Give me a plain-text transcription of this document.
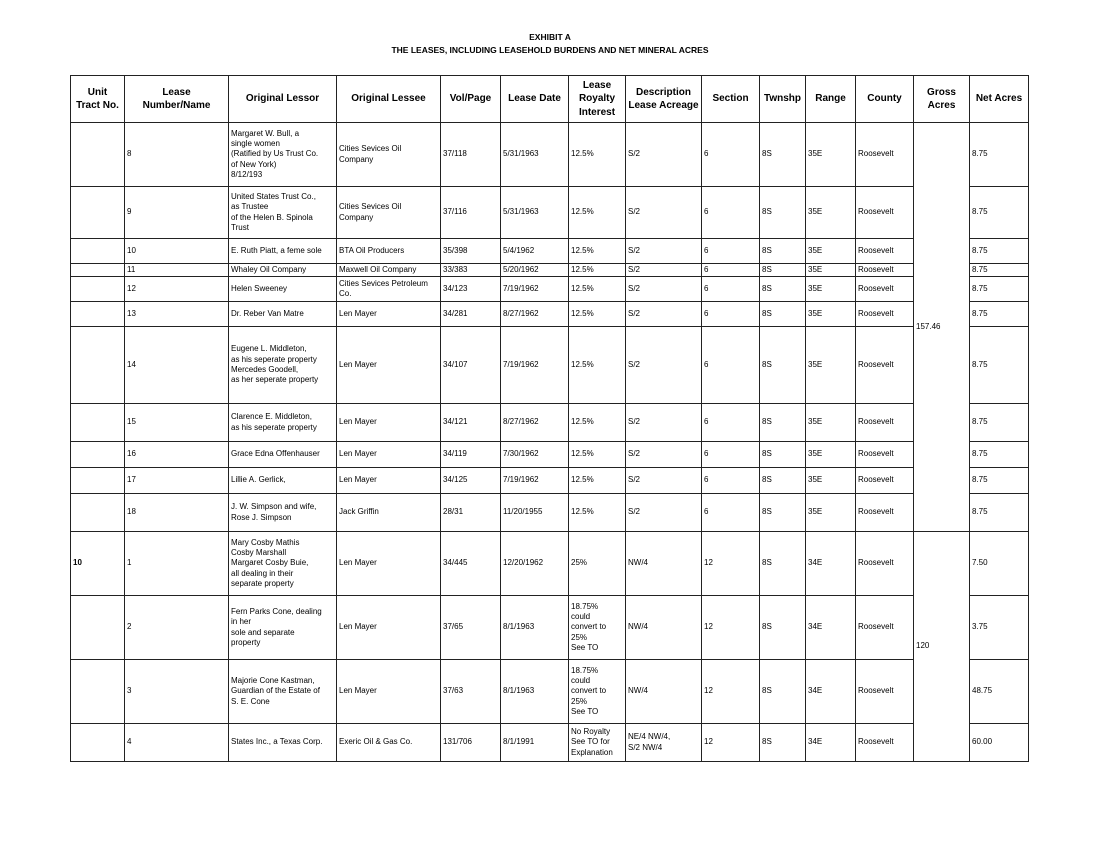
EXHIBIT A
THE LEASES, INCLUDING LEASEHOLD BURDENS AND NET MINERAL ACRES
Unit
Tract No.	Lease
Number/Name	Original Lessor	Original Lessee	Vol/Page	Lease Date	Lease
Royalty
Interest	Description
Lease Acreage	Section	Twnshp	Range	County	Gross
Acres	Net Acres
	8	Margaret W. Bull, a
single women
(Ratified by Us Trust Co.
of New York)
8/12/193	Cities Sevices Oil
Company	37/118	5/31/1963	12.5%	S/2	6	8S	35E	Roosevelt	157.46	8.75
	9	United States Trust Co.,
as Trustee
of the Helen B. Spinola
Trust	Cities Sevices Oil
Company	37/116	5/31/1963	12.5%	S/2	6	8S	35E	Roosevelt		8.75
	10	E. Ruth Piatt, a feme sole	BTA Oil Producers	35/398	5/4/1962	12.5%	S/2	6	8S	35E	Roosevelt		8.75
	11	Whaley Oil Company	Maxwell Oil Company	33/383	5/20/1962	12.5%	S/2	6	8S	35E	Roosevelt		8.75
	12	Helen Sweeney	Cities Sevices Petroleum
Co.	34/123	7/19/1962	12.5%	S/2	6	8S	35E	Roosevelt		8.75
	13	Dr. Reber Van Matre	Len Mayer	34/281	8/27/1962	12.5%	S/2	6	8S	35E	Roosevelt		8.75
	14	Eugene L. Middleton,
as his seperate property
Mercedes Goodell,
as her seperate property	Len Mayer	34/107	7/19/1962	12.5%	S/2	6	8S	35E	Roosevelt		8.75
	15	Clarence E. Middleton,
as his seperate property	Len Mayer	34/121	8/27/1962	12.5%	S/2	6	8S	35E	Roosevelt		8.75
	16	Grace Edna Offenhauser	Len Mayer	34/119	7/30/1962	12.5%	S/2	6	8S	35E	Roosevelt		8.75
	17	Lillie A. Gerlick,	Len Mayer	34/125	7/19/1962	12.5%	S/2	6	8S	35E	Roosevelt		8.75
	18	J. W. Simpson and wife,
Rose J. Simpson	Jack Griffin	28/31	11/20/1955	12.5%	S/2	6	8S	35E	Roosevelt		8.75
10	1	Mary Cosby Mathis
Cosby Marshall
Margaret Cosby Buie,
all dealing in their
separate property	Len Mayer	34/445	12/20/1962	25%	NW/4	12	8S	34E	Roosevelt	120	7.50
	2	Fern Parks Cone, dealing
in her
sole and separate
property	Len Mayer	37/65	8/1/1963	18.75%
could
convert to
25%
See TO	NW/4	12	8S	34E	Roosevelt		3.75
	3	Majorie Cone Kastman,
Guardian of the Estate of
S. E. Cone	Len Mayer	37/63	8/1/1963	18.75%
could
convert to
25%
See TO	NW/4	12	8S	34E	Roosevelt		48.75
	4	States Inc., a Texas Corp.	Exeric Oil & Gas Co.	131/706	8/1/1991	No Royalty
See TO for
Explanation	NE/4 NW/4,
S/2 NW/4	12	8S	34E	Roosevelt		60.00
